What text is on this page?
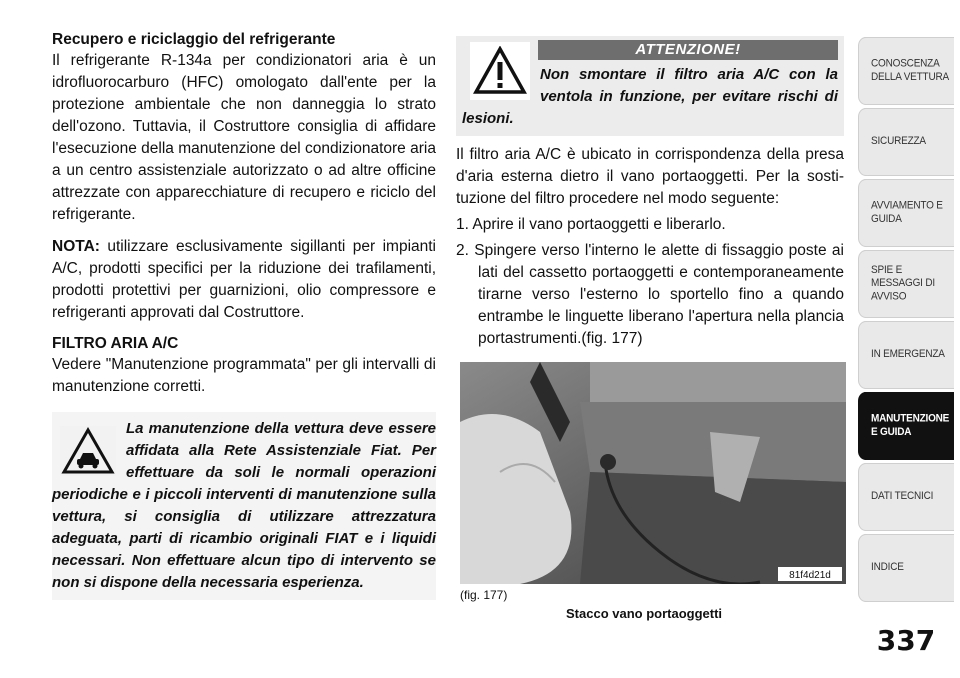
Recupero e riciclaggio del refrigerante

Il refrigerante R-134a per condizionatori aria è un idrofluorocarburo (HFC) omologato dall'ente per la protezione ambientale che non danneggia lo strato dell'ozono. Tuttavia, il Costruttore consiglia di affidare l'esecuzione della manutenzione del condizionatore aria a un centro assistenziale autorizzato o ad altre officine attrezzate con apparecchiature di recupero e riciclo del refrigerante.

NOTA: utilizzare esclusivamente sigillanti per impianti A/C, prodotti specifici per la riduzione dei trafilamenti, prodotti protettivi per guarnizioni, olio compressore e refrigeranti approvati dal Costruttore.

FILTRO ARIA A/C

Vedere "Manutenzione programmata" per gli intervalli di manutenzione corretti.

La manutenzione della vettura deve essere affidata alla Rete Assistenziale Fiat. Per effettuare da soli le normali operazioni periodiche e i piccoli interventi di manutenzione sulla vettura, si consiglia di utilizzare attrezzatura adeguata, parti di ricambio originali FIAT e i liquidi necessari. Non effettuare alcun tipo di intervento se non si dispone della necessaria esperienza.
ATTENZIONE!
Non smontare il filtro aria A/C con la ventola in funzione, per evitare rischi di lesioni.

Il filtro aria A/C è ubicato in corrispondenza della presa d'aria esterna dietro il vano portaoggetti. Per la sostituzione del filtro procedere nel modo seguente:

1. Aprire il vano portaoggetti e liberarlo.
2. Spingere verso l'interno le alette di fissaggio poste ai lati del cassetto portaoggetti e contemporaneamente tirarne verso l'esterno lo sportello fino a quando entrambe le linguette liberano l'apertura nella plancia portastrumenti.(fig. 177)
81f4d21d
(fig. 177)
Stacco vano portaoggetti
CONOSCENZA DELLA VETTURA
SICUREZZA
AVVIAMENTO E GUIDA
SPIE E MESSAGGI DI AVVISO
IN EMERGENZA
MANUTENZIONE E GUIDA
DATI TECNICI
INDICE
337
